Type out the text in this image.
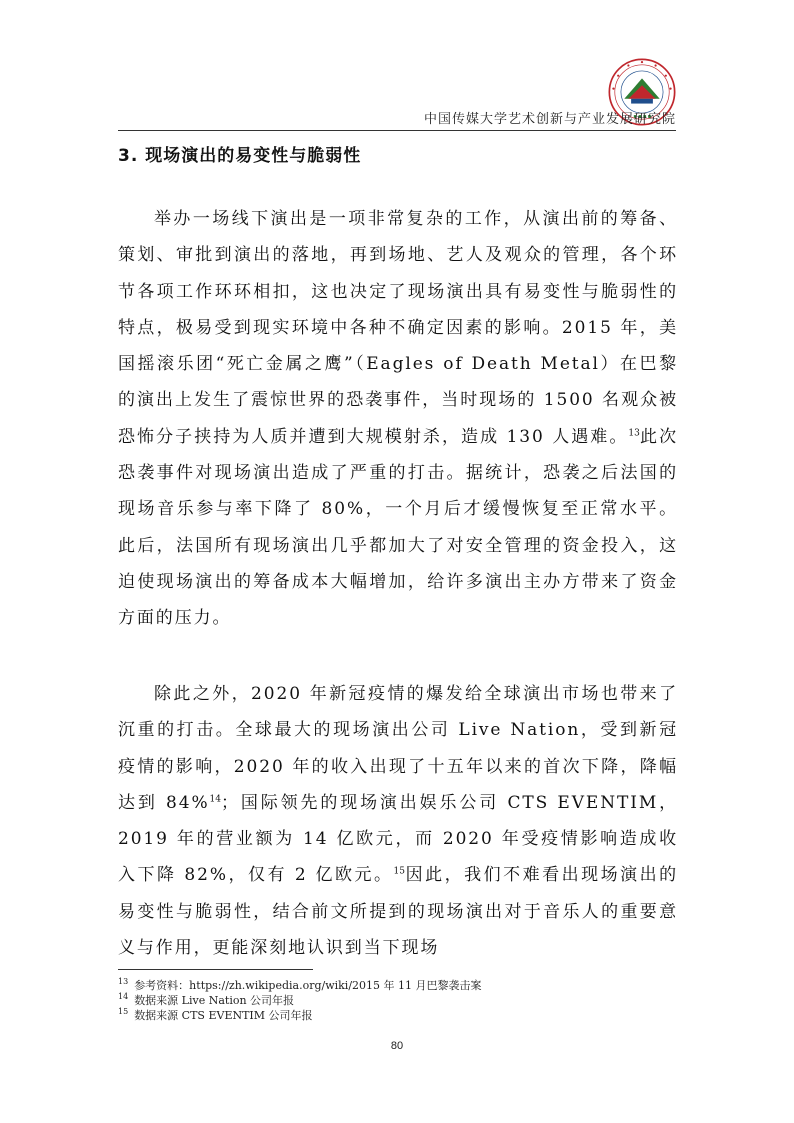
中国传媒大学艺术创新与产业发展研究院
3. 现场演出的易变性与脆弱性

举办一场线下演出是一项非常复杂的工作，从演出前的筹备、策划、审批到演出的落地，再到场地、艺人及观众的管理，各个环节各项工作环环相扣，这也决定了现场演出具有易变性与脆弱性的特点，极易受到现实环境中各种不确定因素的影响。2015 年，美国摇滚乐团“死亡金属之鹰”（Eagles of Death Metal）在巴黎的演出上发生了震惊世界的恐袭事件，当时现场的 1500 名观众被恐怖分子挟持为人质并遭到大规模射杀，造成 130 人遇难。$^{13}$此次恐袭事件对现场演出造成了严重的打击。据统计，恐袭之后法国的现场音乐参与率下降了 80%，一个月后才缓慢恢复至正常水平。此后，法国所有现场演出几乎都加大了对安全管理的资金投入，这迫使现场演出的筹备成本大幅增加，给许多演出主办方带来了资金方面的压力。

除此之外，2020 年新冠疫情的爆发给全球演出市场也带来了沉重的打击。全球最大的现场演出公司 Live Nation，受到新冠疫情的影响，2020 年的收入出现了十五年以来的首次下降，降幅达到 84%$^{14}$；国际领先的现场演出娱乐公司 CTS EVENTIM，2019 年的营业额为 14 亿欧元，而 2020 年受疫情影响造成收入下降 82%，仅有 2 亿欧元。$^{15}$因此，我们不难看出现场演出的易变性与脆弱性，结合前文所提到的现场演出对于音乐人的重要意义与作用，更能深刻地认识到当下现场

$^{13}$ 参考资料：https://zh.wikipedia.org/wiki/2015 年 11 月巴黎袭击案
$^{14}$ 数据来源 Live Nation 公司年报
$^{15}$ 数据来源 CTS EVENTIM 公司年报
80
